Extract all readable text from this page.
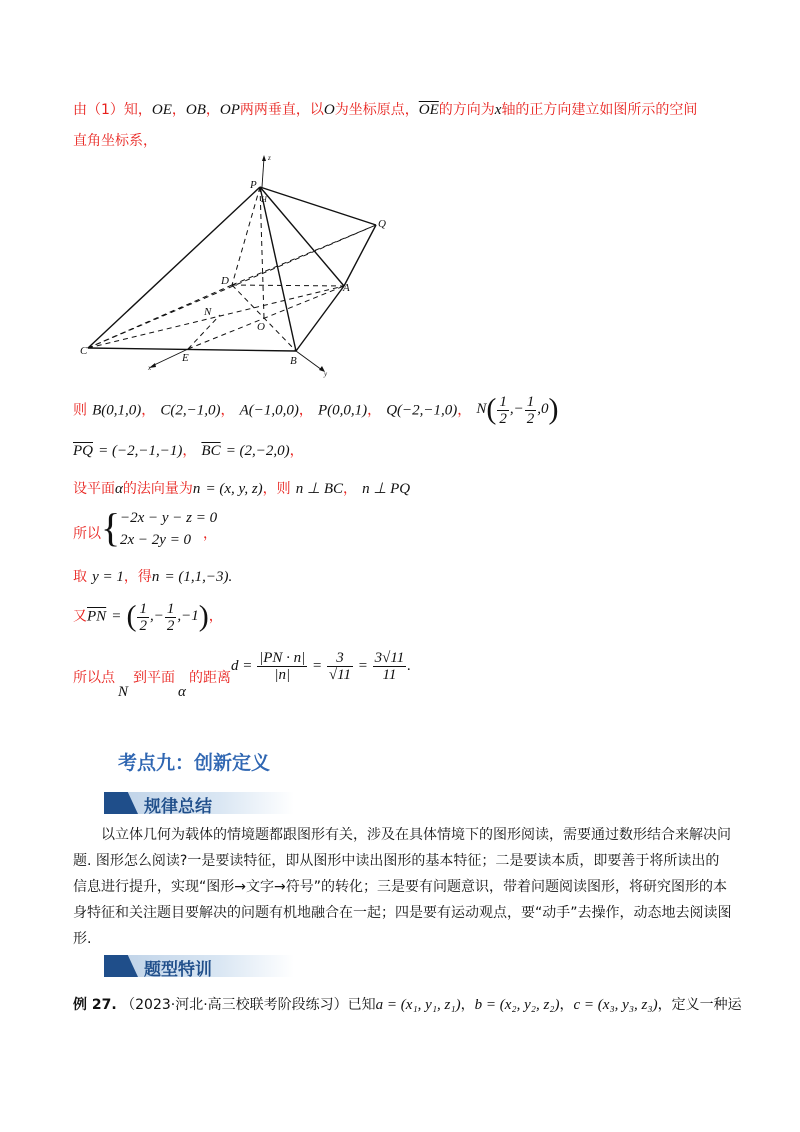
由（1）知，OE，OB，OP两两垂直，以O为坐标原点，$\overline{OE}$的方向为x轴的正方向建立如图所示的空间
直角坐标系，
z
P
H
Q
D
A
N
O
C
E	B
x
y
则 B(0,1,0)， C(2,−1,0)， A(−1,0,0)， P(0,0,1)， Q(−2,−1,0)， $N( \frac{1}{2}$ ,− $\frac{1}{2} ,0$)
$\overline{PQ} = (-2,-1,-1)$， $\overline{BC} = (2,-2,0)$，
设平面α的法向量为n = (x, y, z)，则 n ⊥ BC， n ⊥ PQ
所以 { −2x − y − z = 0
2x − 2y = 0 ，
取 y = 1，得n = (1,1,−3).
又$\overline{PN}$ = ( $\frac{1}{2}$ ,− $\frac{1}{2} ,-1$)，
所以点
N
到平面
α
的距离
$d = \frac{|PN \cdot n|}{|n|} = \frac{3}{√11} = \frac{3√11}{11}$ .
考点九：创新定义
规律总结
以立体几何为载体的情境题都跟图形有关，涉及在具体情境下的图形阅读，需要通过数形结合来解决问题. 图形怎么阅读?一是要读特征，即从图形中读出图形的基本特征；二是要读本质，即要善于将所读出的信息进行提升，实现“图形→文字→符号”的转化；三是要有问题意识，带着问题阅读图形，将研究图形的本身特征和关注题目要解决的问题有机地融合在一起；四是要有运动观点，要“动手”去操作，动态地去阅读图形.
题型特训
例 27. （2023·河北·高三校联考阶段练习）已知a = (x₁, y₁, z₁)，b = (x₂, y₂, z₂)，c = (x₃, y₃, z₃)，定义一种运
